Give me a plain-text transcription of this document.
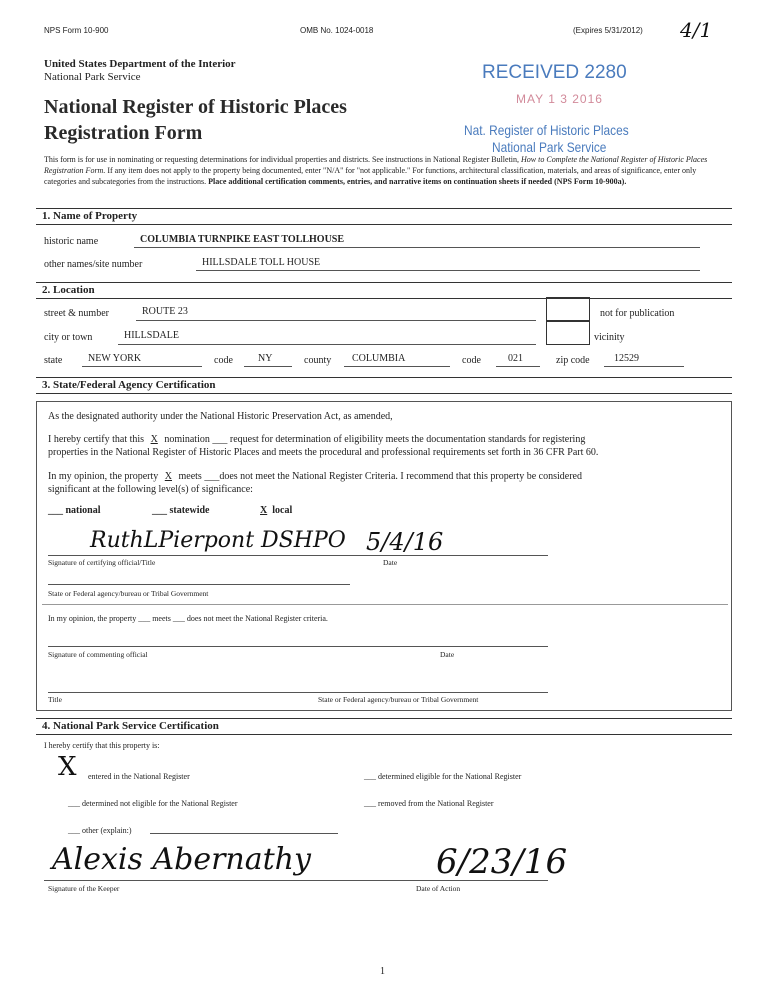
NPS Form 10-900	OMB No. 1024-0018	(Expires 5/31/2012) 4/1
United States Department of the Interior
National Park Service
National Register of Historic Places
Registration Form
RECEIVED 2280
MAY 1 3 2016
Nat. Register of Historic Places
National Park Service
This form is for use in nominating or requesting determinations for individual properties and districts. See instructions in National Register Bulletin, How to Complete the National Register of Historic Places Registration Form. If any item does not apply to the property being documented, enter "N/A" for "not applicable." For functions, architectural classification, materials, and areas of significance, enter only categories and subcategories from the instructions. Place additional certification comments, entries, and narrative items on continuation sheets if needed (NPS Form 10-900a).
1. Name of Property
historic name	COLUMBIA TURNPIKE EAST TOLLHOUSE
other names/site number	HILLSDALE TOLL HOUSE
2. Location
street & number	ROUTE 23	not for publication
city or town	HILLSDALE	vicinity
state	NEW YORK	code	NY	county COLUMBIA	code	021	zip code 12529
3. State/Federal Agency Certification
As the designated authority under the National Historic Preservation Act, as amended,
I hereby certify that this X nomination ___ request for determination of eligibility meets the documentation standards for registering
properties in the National Register of Historic Places and meets the procedural and professional requirements set forth in 36 CFR Part 60.
In my opinion, the property X meets ___does not meet the National Register Criteria. I recommend that this property be considered
significant at the following level(s) of significance:
___ national	___ statewide	X local
RuthLPierpont DSHPO 5/4/16
Signature of certifying official/Title	Date
State or Federal agency/bureau or Tribal Government
In my opinion, the property ___ meets ___ does not meet the National Register criteria.
Signature of commenting official	Date
Title	State or Federal agency/bureau or Tribal Government
4. National Park Service Certification
I hereby certify that this property is:
X entered in the National Register	___ determined eligible for the National Register
___ determined not eligible for the National Register	___ removed from the National Register
___ other (explain:)
Alexis Abernathy	6/23/16
Signature of the Keeper	Date of Action
1
